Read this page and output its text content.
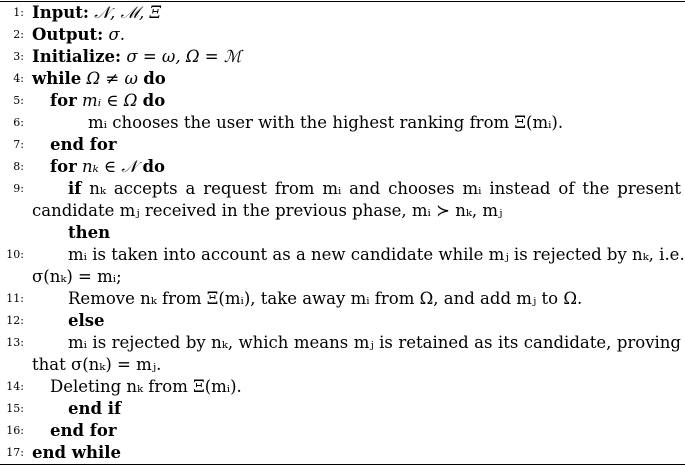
1: Input: 𝒩, ℳ, Ξ
2: Output: σ.
3: Initialize: σ = ω, Ω = ℳ
4: while Ω ≠ ω do
5:	for mᵢ ∈ Ω do
6:	mᵢ chooses the user with the highest ranking from Ξ(mᵢ).
7:	end for
8:	for nₖ ∈ 𝒩 do
9:	if nₖ accepts a request from mᵢ and chooses mᵢ instead of the present
candidate mⱼ received in the previous phase, mᵢ ≻ nₖ, mⱼ
then
10:	mᵢ is taken into account as a new candidate while mⱼ is rejected by nₖ, i.e.
σ(nₖ) = mᵢ;
11:	Remove nₖ from Ξ(mᵢ), take away mᵢ from Ω, and add mⱼ to Ω.
12:	else
13:	mᵢ is rejected by nₖ, which means mⱼ is retained as its candidate, proving
that σ(nₖ) = mⱼ.
14:	Deleting nₖ from Ξ(mᵢ).
15:	end if
16:	end for
17: end while
